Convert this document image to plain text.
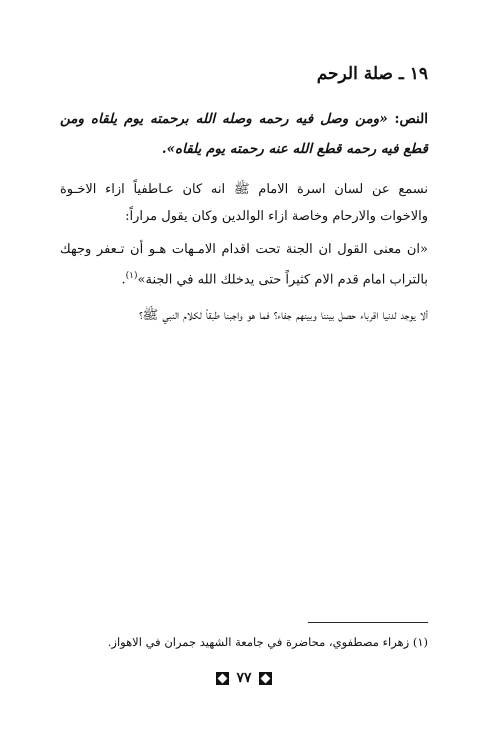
١٩ ـ صلة الرحم
النص: «ومن وصل فيه رحمه وصله الله برحمته يوم يلقاه ومن قطع فيه رحمه قطع الله عنه رحمته يوم يلقاه».
نسمع عن لسان اسرة الامام ﷺ انه كان عـاطفياً ازاء الاخـوة والاخوات والارحام وخاصة ازاء الوالدين وكان يقول مراراً:
«ان معنى القول ان الجنة تحت اقدام الامـهات هـو أن تـعفر وجهك بالتراب امام قدم الام كثيراً حتى يدخلك الله في الجنة»$^{(١)}$.
ألا يوجد لدنيا اقرباء حصل بيننا وبينهم جفاء؟ فما هو واجبنا طبقاً لكلام النبي ﷺ؟
(١) زهراء مصطفوي، محاضرة في جامعة الشهيد جمران في الاهواز.
٧٧
